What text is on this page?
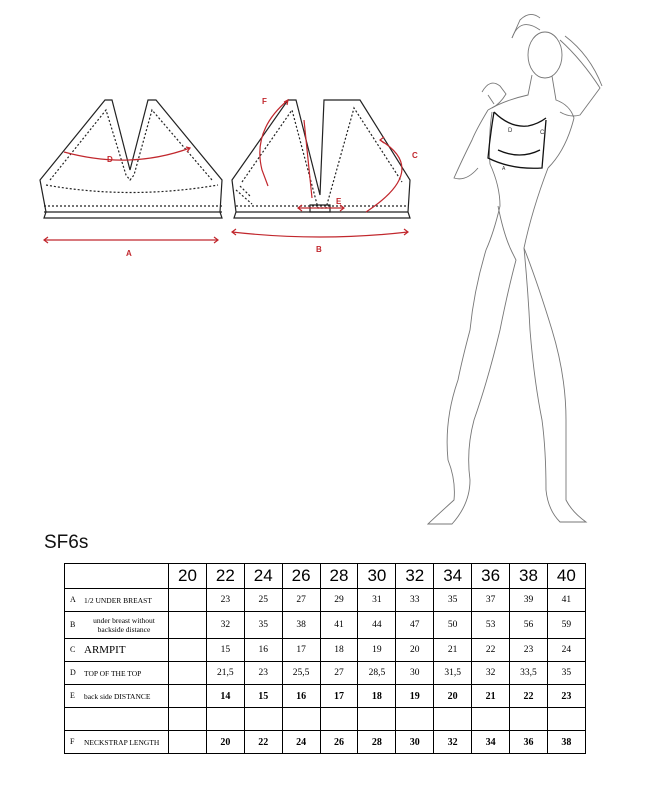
A
D
B
C
E
F
D	C
A
SF6s
	20	22	24	26	28	30	32	34	36	38	40
A 1/2 UNDER BREAST		23	25	27	29	31	33	35	37	39	41
B under breast without backside distance		32	35	38	41	44	47	50	53	56	59
C ARMPIT		15	16	17	18	19	20	21	22	23	24
D TOP OF THE TOP		21,5	23	25,5	27	28,5	30	31,5	32	33,5	35
E back side DISTANCE		14	15	16	17	18	19	20	21	22	23

F NECKSTRAP LENGTH		20	22	24	26	28	30	32	34	36	38
